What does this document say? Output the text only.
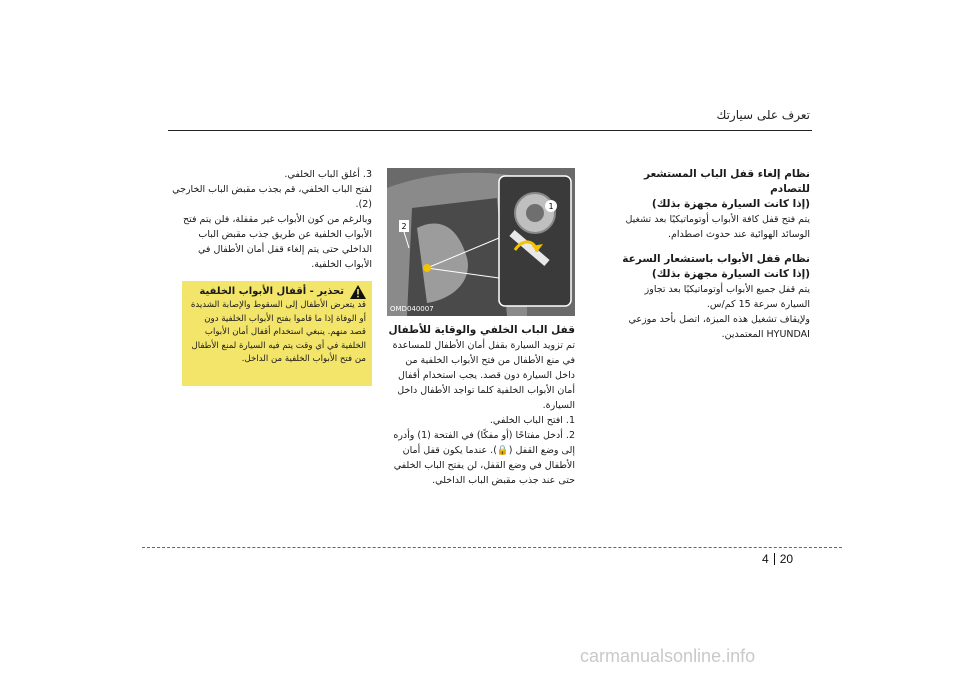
تعرف على سيارتك

نظام إلغاء قفل الباب المستشعر للتصادم

(إذا كانت السيارة مجهزة بذلك)

يتم فتح قفل كافة الأبواب أوتوماتيكيًا بعد تشغيل الوسائد الهوائية عند حدوث اصطدام.

نظام قفل الأبواب باستشعار السرعة

(إذا كانت السيارة مجهزة بذلك)

يتم قفل جميع الأبواب أوتوماتيكيًا بعد تجاوز السيارة سرعة 15 كم/س.

ولإيقاف تشغيل هذه الميزة، اتصل بأحد موزعي HYUNDAI المعتمدين.

1
2
OMD040007

قفل الباب الخلفي والوقاية للأطفال

تم تزويد السيارة بقفل أمان الأطفال للمساعدة في منع الأطفال من فتح الأبواب الخلفية من داخل السيارة دون قصد. يجب استخدام أقفال أمان الأبواب الخلفية كلما تواجد الأطفال داخل السيارة.

1. افتح الباب الخلفي.

2. أدخل مفتاحًا (أو مفكًا) في الفتحة (1) وأدره إلى وضع القفل (🔒). عندما يكون قفل أمان الأطفال في وضع القفل، لن يفتح الباب الخلفي حتى عند جذب مقبض الباب الداخلي.

3. أغلق الباب الخلفي.

لفتح الباب الخلفي، قم بجذب مقبض الباب الخارجي (2).

وبالرغم من كون الأبواب غير مقفلة، فلن يتم فتح الأبواب الخلفية عن طريق جذب مقبض الباب الداخلي حتى يتم إلغاء قفل أمان الأطفال في الأبواب الخلفية.

تحذير - أقفال الأبواب الخلفية
قد يتعرض الأطفال إلى السقوط والإصابة الشديدة أو الوفاة إذا ما قاموا بفتح الأبواب الخلفية دون قصد منهم. ينبغي استخدام أقفال أمان الأبواب الخلفية في أي وقت يتم فيه السيارة لمنع الأطفال من فتح الأبواب الخلفية من الداخل.
4 20
carmanualsonline.info
